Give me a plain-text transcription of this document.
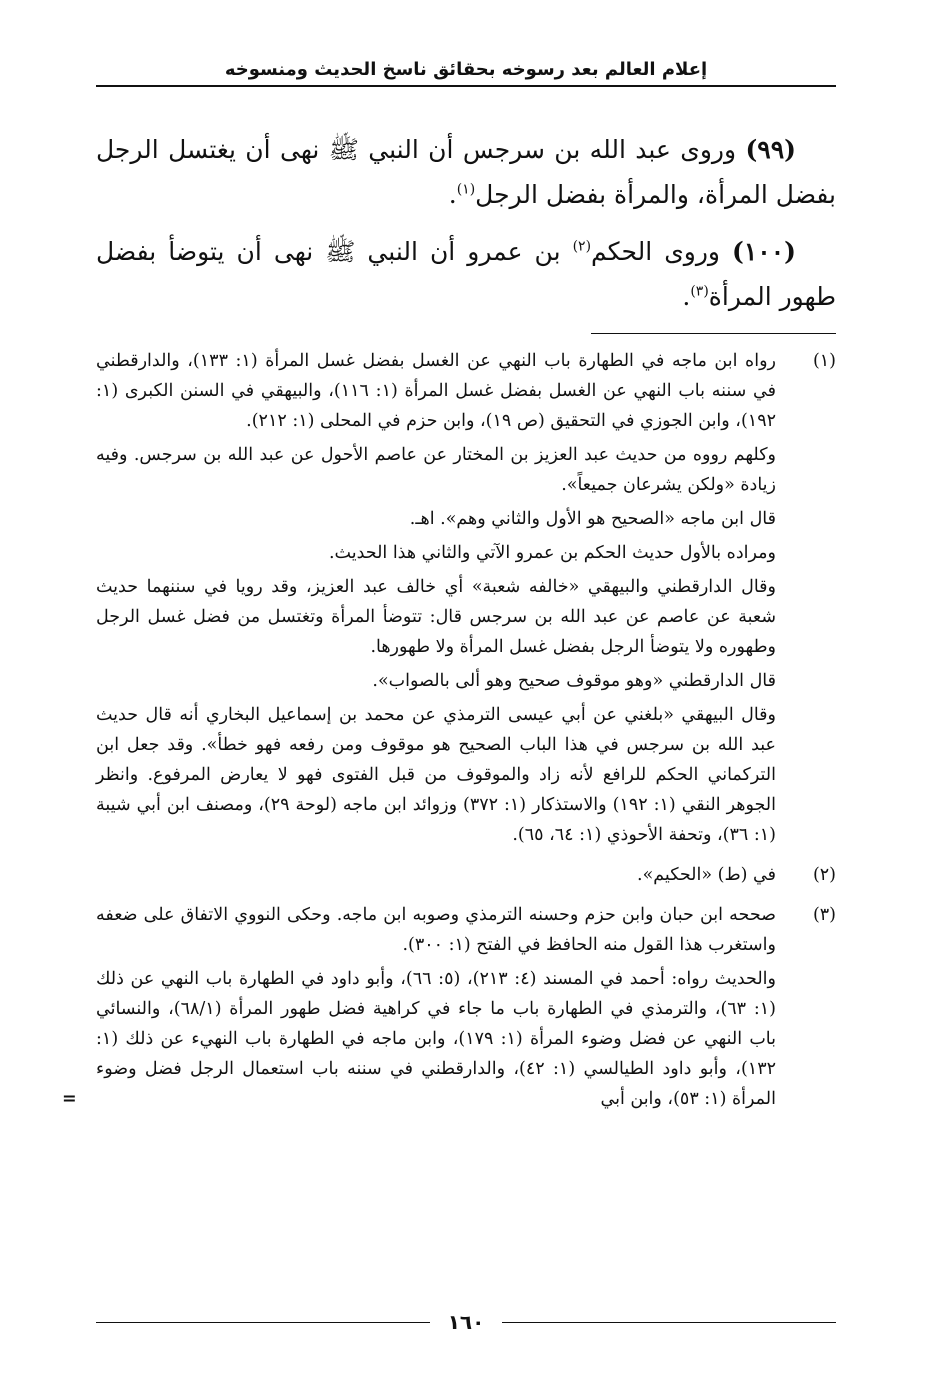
إعلام العالم بعد رسوخه بحقائق ناسخ الحديث ومنسوخه

(٩٩) وروى عبد الله بن سرجس أن النبي ﷺ نهى أن يغتسل الرجل بفضل المرأة، والمرأة بفضل الرجل$^{(١)}$.

(١٠٠) وروى الحكم$^{(٢)}$ بن عمرو أن النبي ﷺ نهى أن يتوضأ بفضل طهور المرأة$^{(٣)}$.

(١)

رواه ابن ماجه في الطهارة باب النهي عن الغسل بفضل غسل المرأة (١: ١٣٣)، والدارقطني في سننه باب النهي عن الغسل بفضل غسل المرأة (١: ١١٦)، والبيهقي في السنن الكبرى (١: ١٩٢)، وابن الجوزي في التحقيق (ص ١٩)، وابن حزم في المحلى (١: ٢١٢).

وكلهم رووه من حديث عبد العزيز بن المختار عن عاصم الأحول عن عبد الله بن سرجس. وفيه زيادة «ولكن يشرعان جميعاً».

قال ابن ماجه «الصحيح هو الأول والثاني وهم». اهـ.

ومراده بالأول حديث الحكم بن عمرو الآتي والثاني هذا الحديث.

وقال الدارقطني والبيهقي «خالفه شعبة» أي خالف عبد العزيز، وقد رويا في سننهما حديث شعبة عن عاصم عن عبد الله بن سرجس قال: تتوضأ المرأة وتغتسل من فضل غسل الرجل وطهوره ولا يتوضأ الرجل بفضل غسل المرأة ولا طهورها.

قال الدارقطني «وهو موقوف صحيح وهو ألى بالصواب».

وقال البيهقي «بلغني عن أبي عيسى الترمذي عن محمد بن إسماعيل البخاري أنه قال حديث عبد الله بن سرجس في هذا الباب الصحيح هو موقوف ومن رفعه فهو خطأ». وقد جعل ابن التركماني الحكم للرافع لأنه زاد والموقوف من قبل الفتوى فهو لا يعارض المرفوع. وانظر الجوهر النقي (١: ١٩٢) والاستذكار (١: ٣٧٢) وزوائد ابن ماجه (لوحة ٢٩)، ومصنف ابن أبي شيبة (١: ٣٦)، وتحفة الأحوذي (١: ٦٤، ٦٥).

(٢)

في (ط) «الحكيم».

(٣)

صححه ابن حبان وابن حزم وحسنه الترمذي وصوبه ابن ماجه. وحكى النووي الاتفاق على ضعفه واستغرب هذا القول منه الحافظ في الفتح (١: ٣٠٠).

والحديث رواه: أحمد في المسند (٤: ٢١٣)، (٥: ٦٦)، وأبو داود في الطهارة باب النهي عن ذلك (١: ٦٣)، والترمذي في الطهارة باب ما جاء في كراهية فضل طهور المرأة (٦٨/١)، والنسائي باب النهي عن فضل وضوء المرأة (١: ١٧٩)، وابن ماجه في الطهارة باب النهيء عن ذلك (١: ١٣٢)، وأبو داود الطيالسي (١: ٤٢)، والدارقطني في سننه باب استعمال الرجل فضل وضوء المرأة (١: ٥٣)، وابن أبي

=
١٦٠
